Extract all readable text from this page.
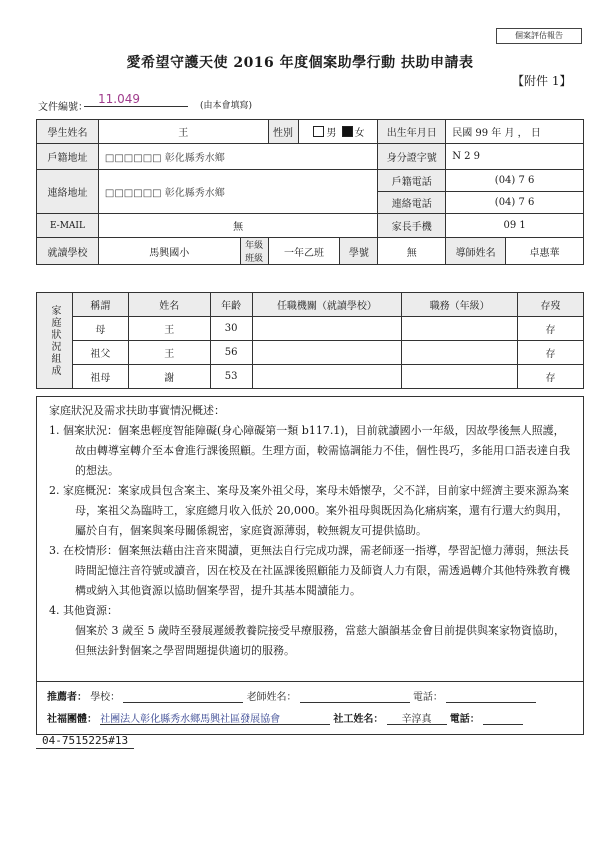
個案評估報告
愛希望守護天使 2016 年度個案助學行動 扶助申請表
【附件 1】
文件編號：
11.049	(由本會填寫)
學生姓名	王		性別	男 女		出生年月日	民國 99 年 月 ， 日	
戶籍地址	□□□□□□ 彰化縣秀水鄉					身分證字號	N 2 9	
連絡地址	□□□□□□ 彰化縣秀水鄉					戶籍電話	(04) 7 6	
						連絡電話	(04) 7 6	
E-MAIL	無					家長手機	09 1	
就讀學校	馬興國小	年級 班級	一年乙班		學號	無	導師姓名	卓惠華
家庭狀況組成	稱謂	姓名	年齡	任職機關（就讀學校）	職務（年級）	存歿
	母	王	30			存
	祖父	王	56			存
	祖母	謝	53			存
家庭狀況及需求扶助事實情況概述：

1. 個案狀況：個案患輕度智能障礙(身心障礙第一類 b117.1)，目前就讀國小一年級，因故學後無人照護，故由轉導室轉介至本會進行課後照顧。生理方面，較需協調能力不佳，個性畏巧，多能用口語表達自我的想法。

2. 家庭概況：案家成員包含案主、案母及案外祖父母，案母未婚懷孕，父不詳，目前家中經濟主要來源為案母，案祖父為臨時工，家庭總月收入低於 20,000。案外祖母與既因為化痛病案，還有行還大約與用，屬於自有，個案與案母關係親密，家庭資源薄弱，較無親友可提供協助。

3. 在校情形：個案無法藉由注音來閱讀，更無法自行完成功課，需老師逐一指導，學習記憶力薄弱，無法長時間記憶注音符號或讀音，因在校及在社區課後照顧能力及師資人力有限，需透過轉介其他特殊教育機構或納入其他資源以協助個案學習，提升其基本閱讀能力。

4. 其他資源：

個案於 3 歲至 5 歲時至發展遲緩教養院接受早療服務，當慈大韻韻基金會目前提供與案家物資協助，但無法針對個案之學習問題提供適切的服務。

推薦者： 學校：	老師姓名：	電話：
社福團體： 社團法人彰化縣秀水鄉馬興社區發展協會	社工姓名： 辛淳真 電話：
04-7515225#13
